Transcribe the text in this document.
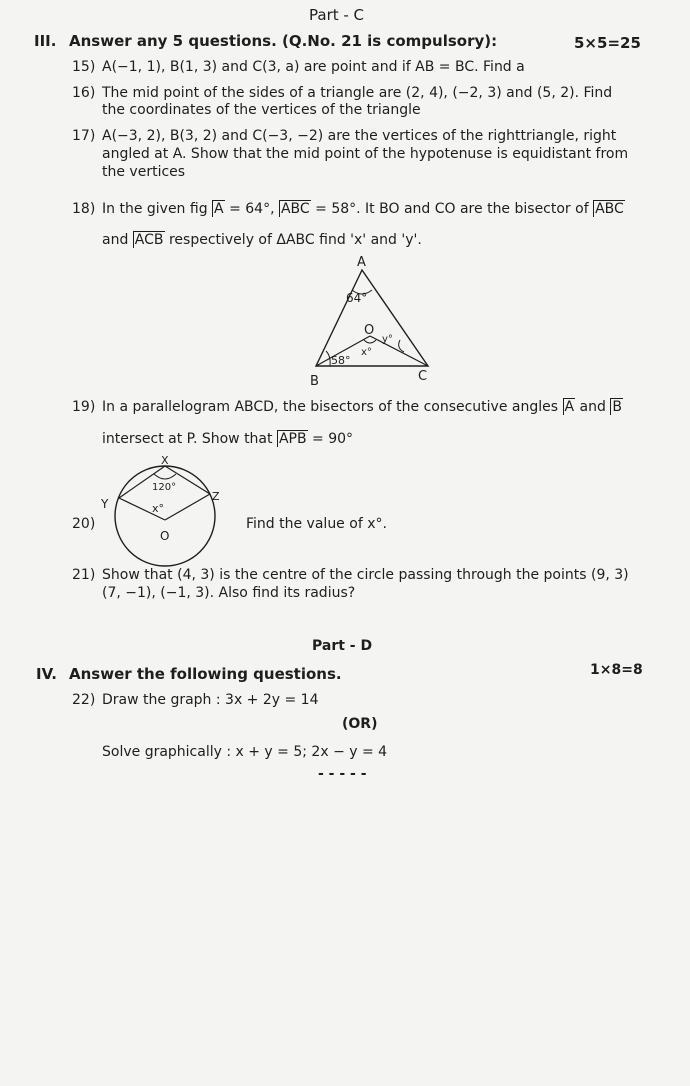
Part - C
III. Answer any 5 questions. (Q.No. 21 is compulsory):	5×5=25
15) A(−1, 1), B(1, 3) and C(3, a) are point and if AB = BC. Find a
16) The mid point of the sides of a triangle are (2, 4), (−2, 3) and (5, 2). Find
the coordinates of the vertices of the triangle
17) A(−3, 2), B(3, 2) and C(−3, −2) are the vertices of the righttriangle, right
angled at A. Show that the mid point of the hypotenuse is equidistant from
the vertices
18) In the given fig A = 64°, ABC = 58°. It BO and CO are the bisector of ABC
and ACB respectively of ΔABC find 'x' and 'y'.
A
B	C
O
64°
58°
x°
y°
19) In a parallelogram ABCD, the bisectors of the consecutive angles A and B
intersect at P. Show that APB = 90°
20)
X
Y
Z
O
120°
x°
Find the value of x°.
21) Show that (4, 3) is the centre of the circle passing through the points (9, 3)
(7, −1), (−1, 3). Also find its radius?
Part - D
IV. Answer the following questions.	1×8=8
22) Draw the graph : 3x + 2y = 14
(OR)
Solve graphically : x + y = 5; 2x − y = 4
- - - - -
